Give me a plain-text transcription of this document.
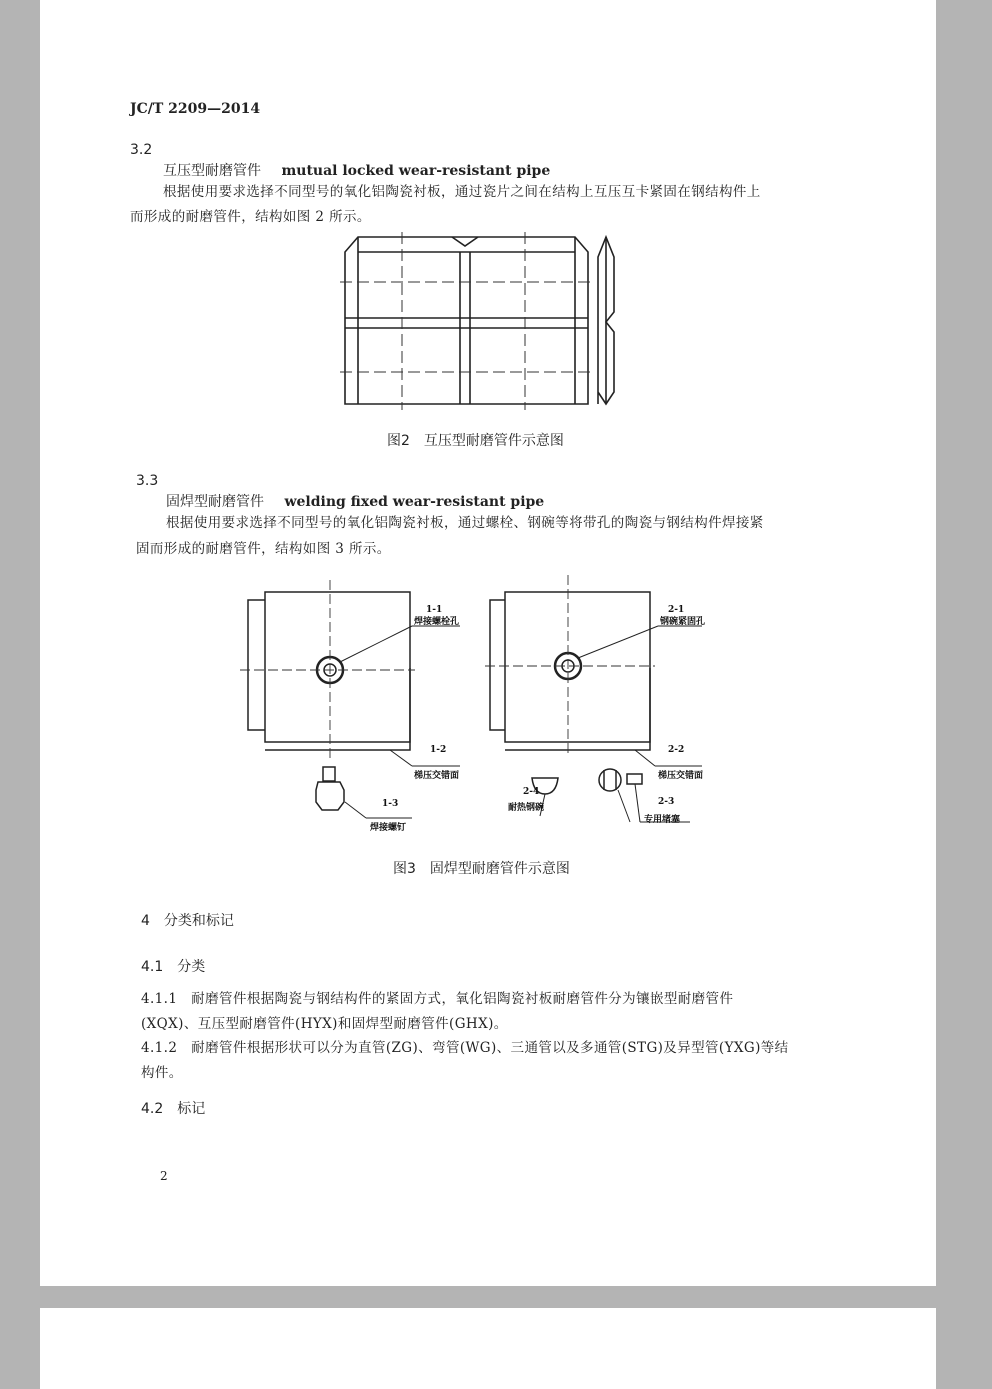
JC/T 2209—2014
3.2
互压型耐磨管件 mutual locked wear-resistant pipe
根据使用要求选择不同型号的氧化铝陶瓷衬板，通过瓷片之间在结构上互压互卡紧固在钢结构件上
而形成的耐磨管件，结构如图 2 所示。
图2　互压型耐磨管件示意图
3.3
固焊型耐磨管件 welding fixed wear-resistant pipe
根据使用要求选择不同型号的氧化铝陶瓷衬板，通过螺栓、钢碗等将带孔的陶瓷与钢结构件焊接紧
固而形成的耐磨管件，结构如图 3 所示。
1-1
焊接螺栓孔
2-1
钢碗紧固孔
1-2
梯压交错面
2-2
梯压交错面
1-3
焊接螺钉
2-4
耐热钢碗
2-3
专用堵塞
图3　固焊型耐磨管件示意图
4　分类和标记
4.1　分类
4.1.1　耐磨管件根据陶瓷与钢结构件的紧固方式，氧化铝陶瓷衬板耐磨管件分为镶嵌型耐磨管件
(XQX)、互压型耐磨管件(HYX)和固焊型耐磨管件(GHX)。
4.1.2　耐磨管件根据形状可以分为直管(ZG)、弯管(WG)、三通管以及多通管(STG)及异型管(YXG)等结
构件。
4.2　标记
2
